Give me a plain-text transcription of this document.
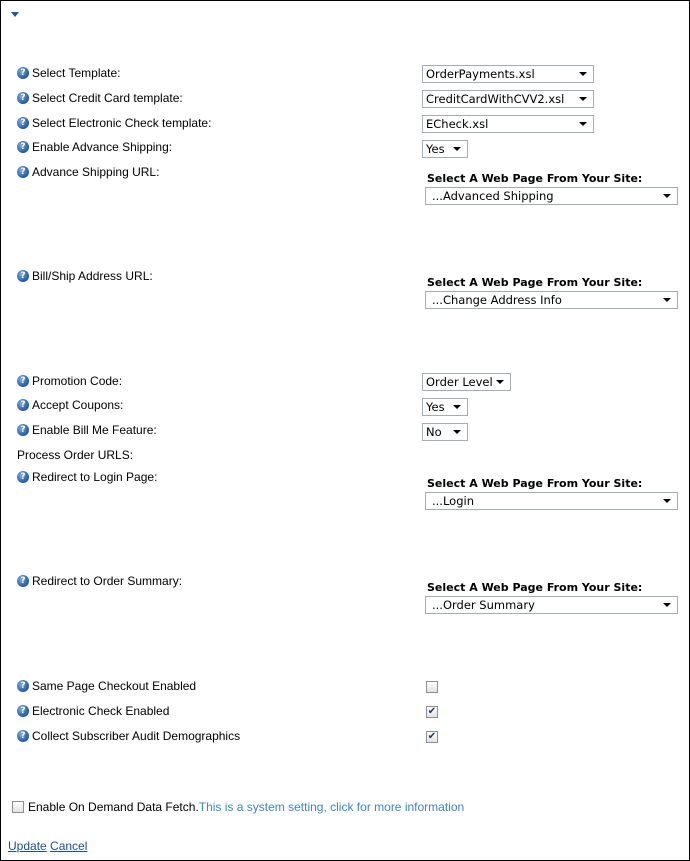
? Select Template:	OrderPayments.xsl
? Select Credit Card template:	CreditCardWithCVV2.xsl
? Select Electronic Check template:	ECheck.xsl
? Enable Advance Shipping:	Yes
? Advance Shipping URL:	Select A Web Page From Your Site:
...Advanced Shipping
? Bill/Ship Address URL:	Select A Web Page From Your Site:
...Change Address Info
? Promotion Code:	Order Level
? Accept Coupons:	Yes
? Enable Bill Me Feature:	No
Process Order URLS:
? Redirect to Login Page:	Select A Web Page From Your Site:
...Login
? Redirect to Order Summary:	Select A Web Page From Your Site:
...Order Summary
? Same Page Checkout Enabled
? Electronic Check Enabled	✔
? Collect Subscriber Audit Demographics	✔
Enable On Demand Data Fetch. This is a system setting, click for more information
Update Cancel
